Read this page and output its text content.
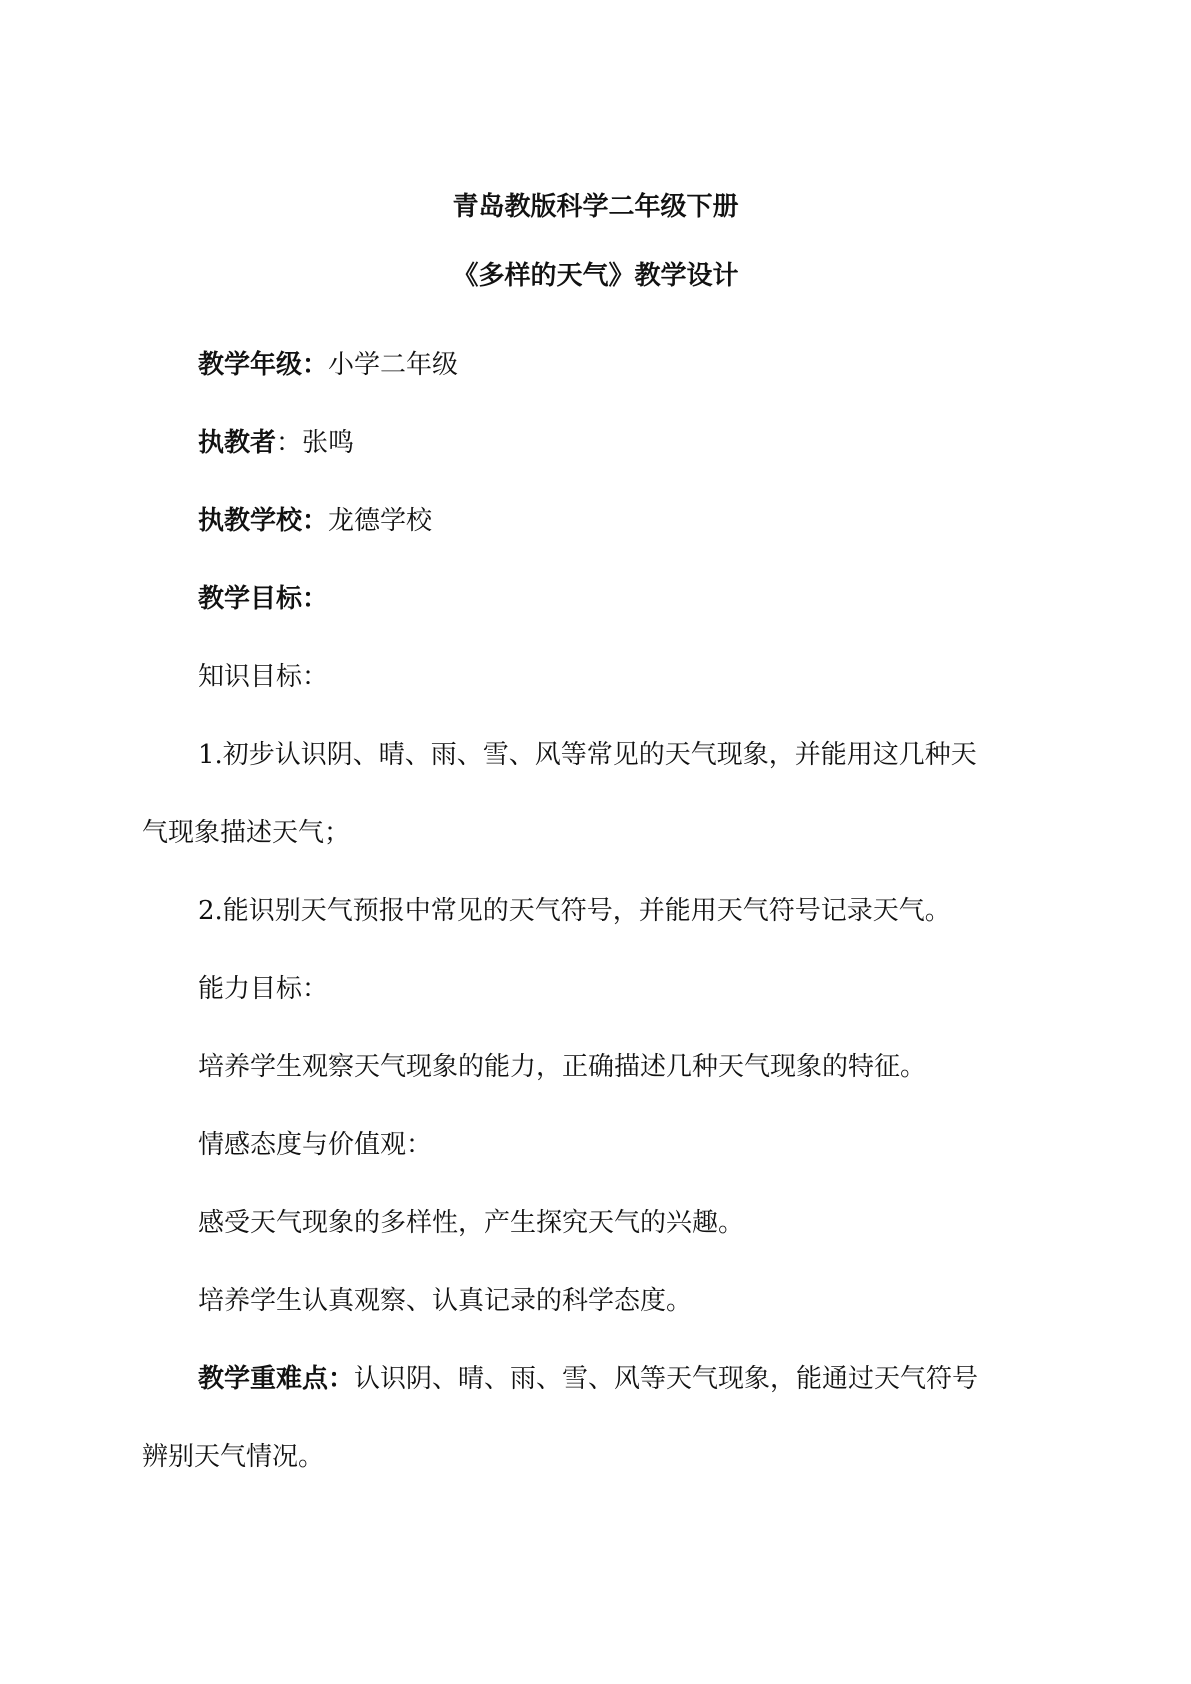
青岛教版科学二年级下册
《多样的天气》教学设计
教学年级：小学二年级
执教者：张鸣
执教学校：龙德学校
教学目标：
知识目标：
1.初步认识阴、晴、雨、雪、风等常见的天气现象，并能用这几种天
气现象描述天气；
2.能识别天气预报中常见的天气符号，并能用天气符号记录天气。
能力目标：
培养学生观察天气现象的能力，正确描述几种天气现象的特征。
情感态度与价值观：
感受天气现象的多样性，产生探究天气的兴趣。
培养学生认真观察、认真记录的科学态度。
教学重难点：认识阴、晴、雨、雪、风等天气现象，能通过天气符号
辨别天气情况。
